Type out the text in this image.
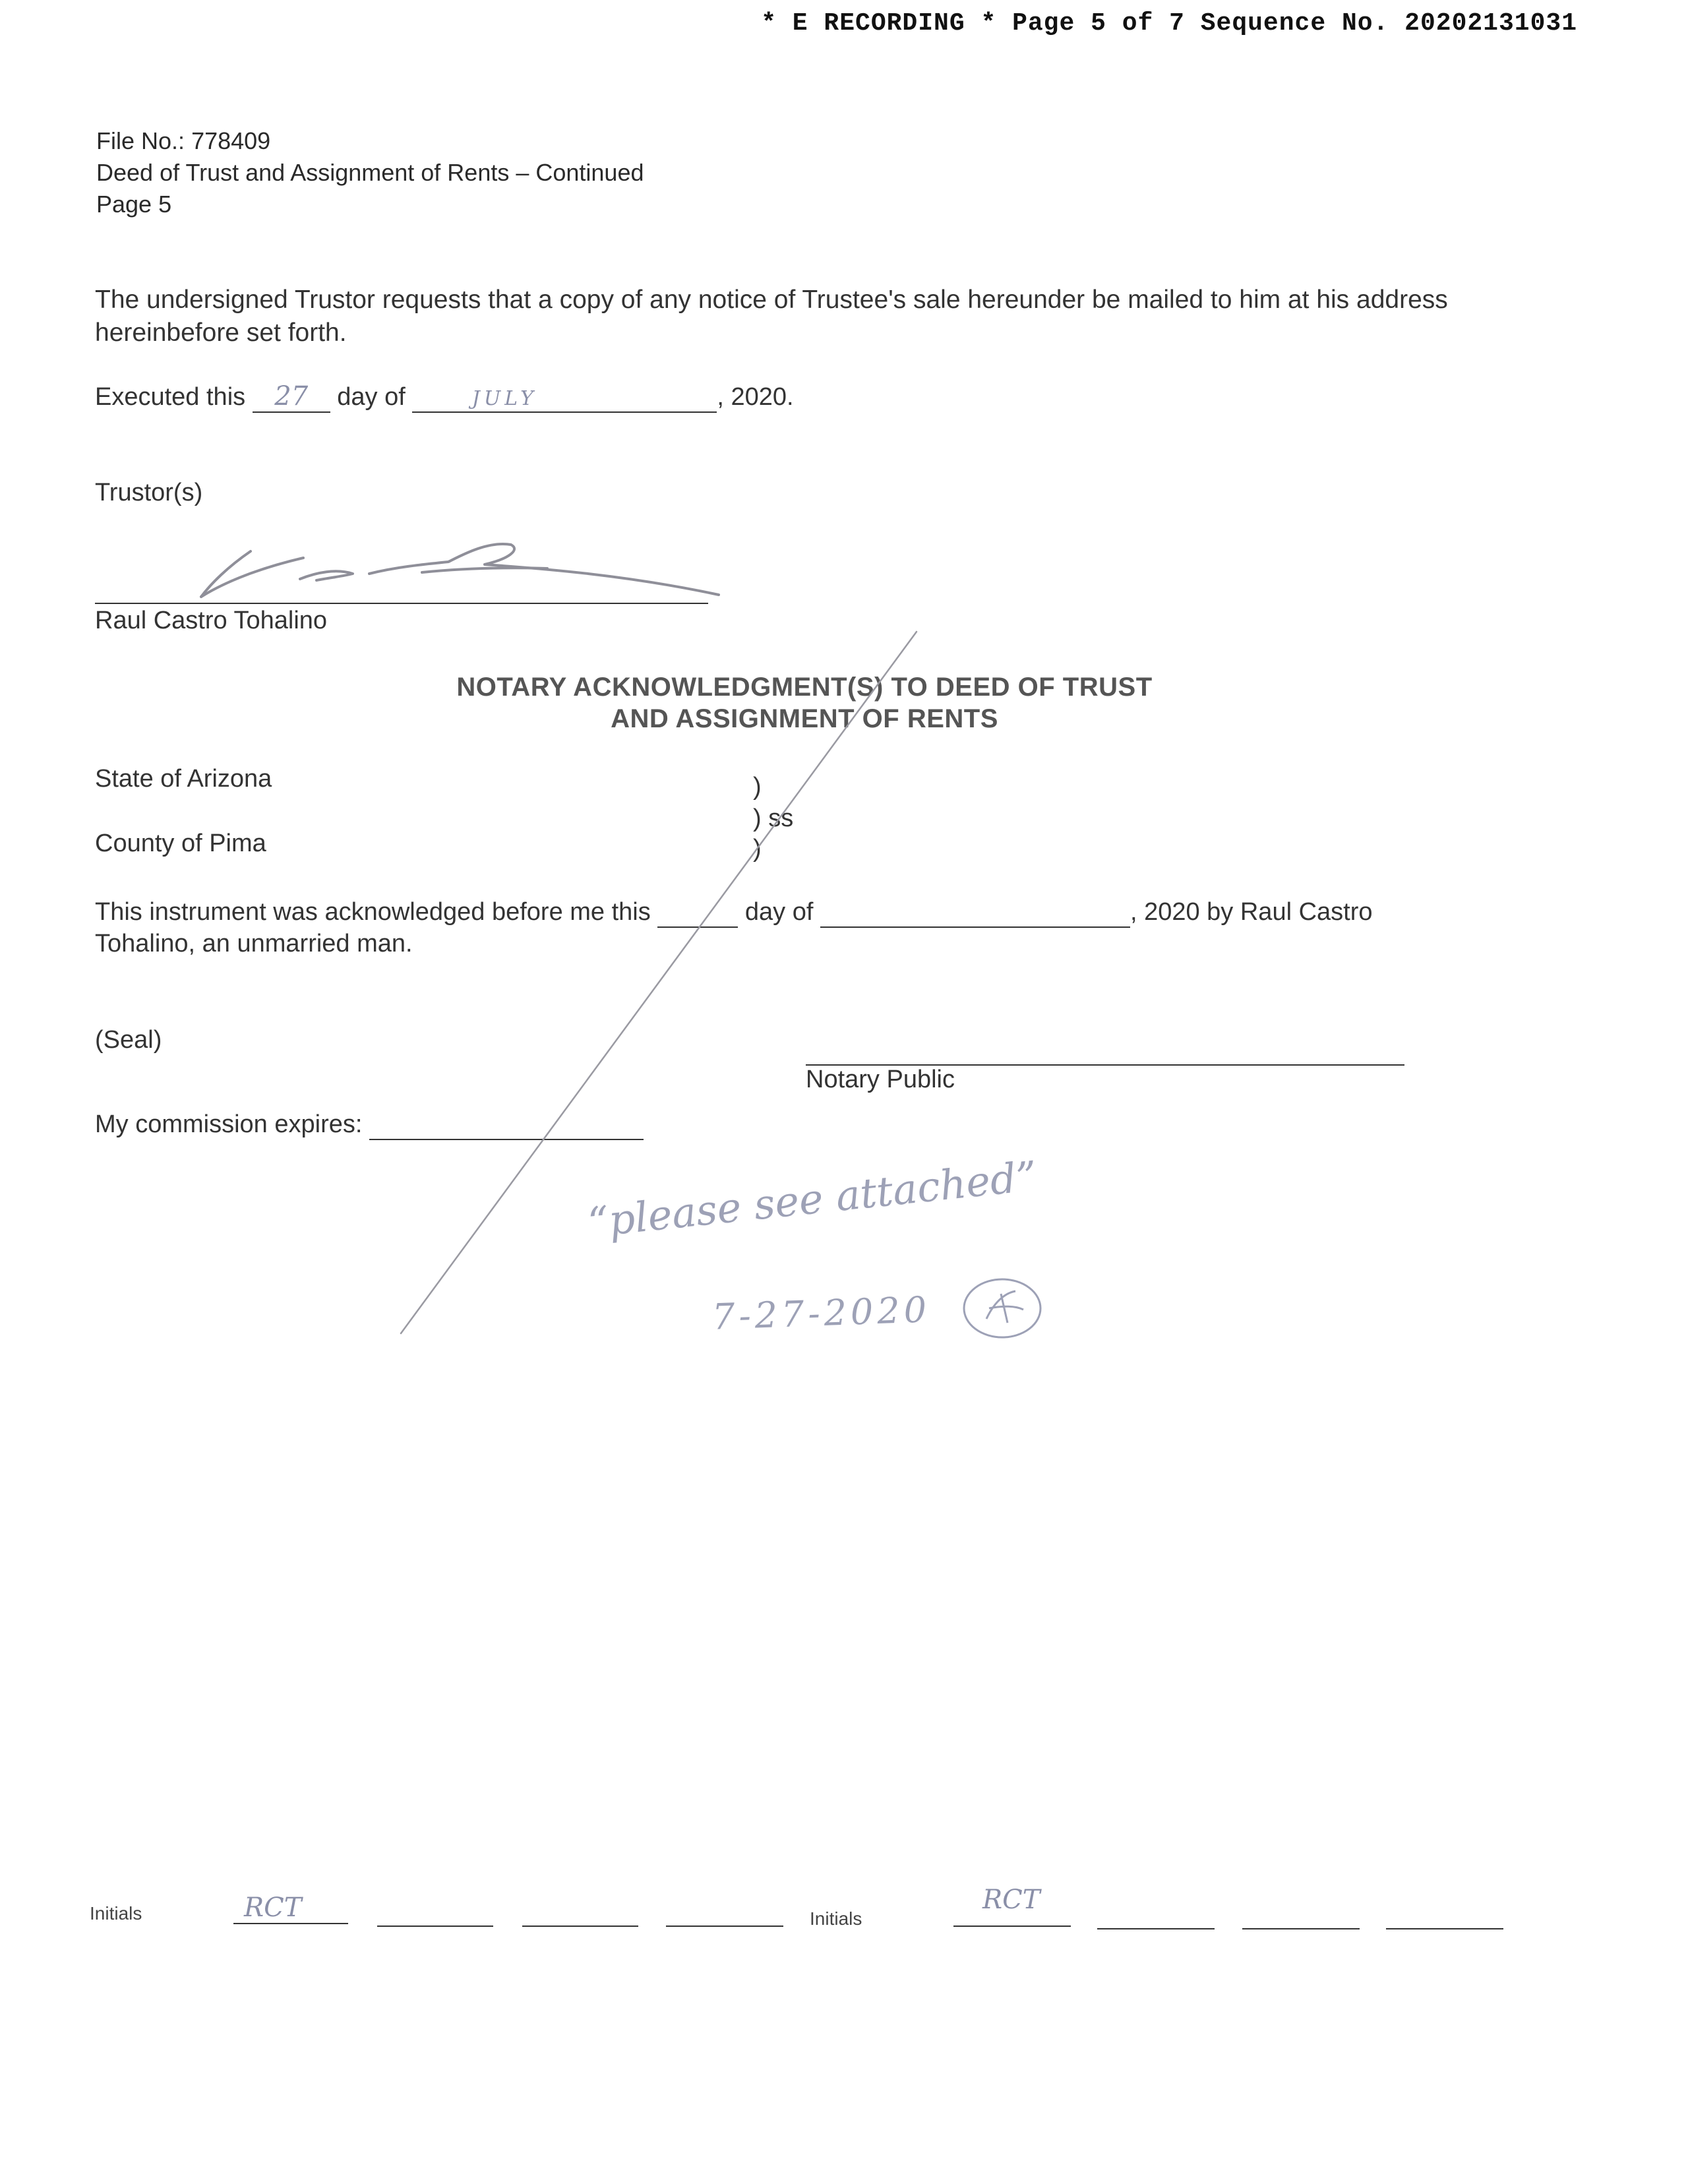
* E RECORDING * Page 5 of 7 Sequence No. 20202131031
File No.: 778409
Deed of Trust and Assignment of Rents – Continued
Page 5
The undersigned Trustor requests that a copy of any notice of Trustee's sale hereunder be mailed to him at his address hereinbefore set forth.
Executed this 27 day of	JULY	, 2020.
Trustor(s)
Raul Castro Tohalino
NOTARY ACKNOWLEDGMENT(S) TO DEED OF TRUST
AND ASSIGNMENT OF RENTS
State of Arizona
County of Pima
)
) ss
)
This instrument was acknowledged before me this	day of	, 2020 by Raul Castro
Tohalino, an unmarried man.
(Seal)
Notary Public
My commission expires:
“please see attached”
7-27-2020
Initials	RCT	Initials
RCT
